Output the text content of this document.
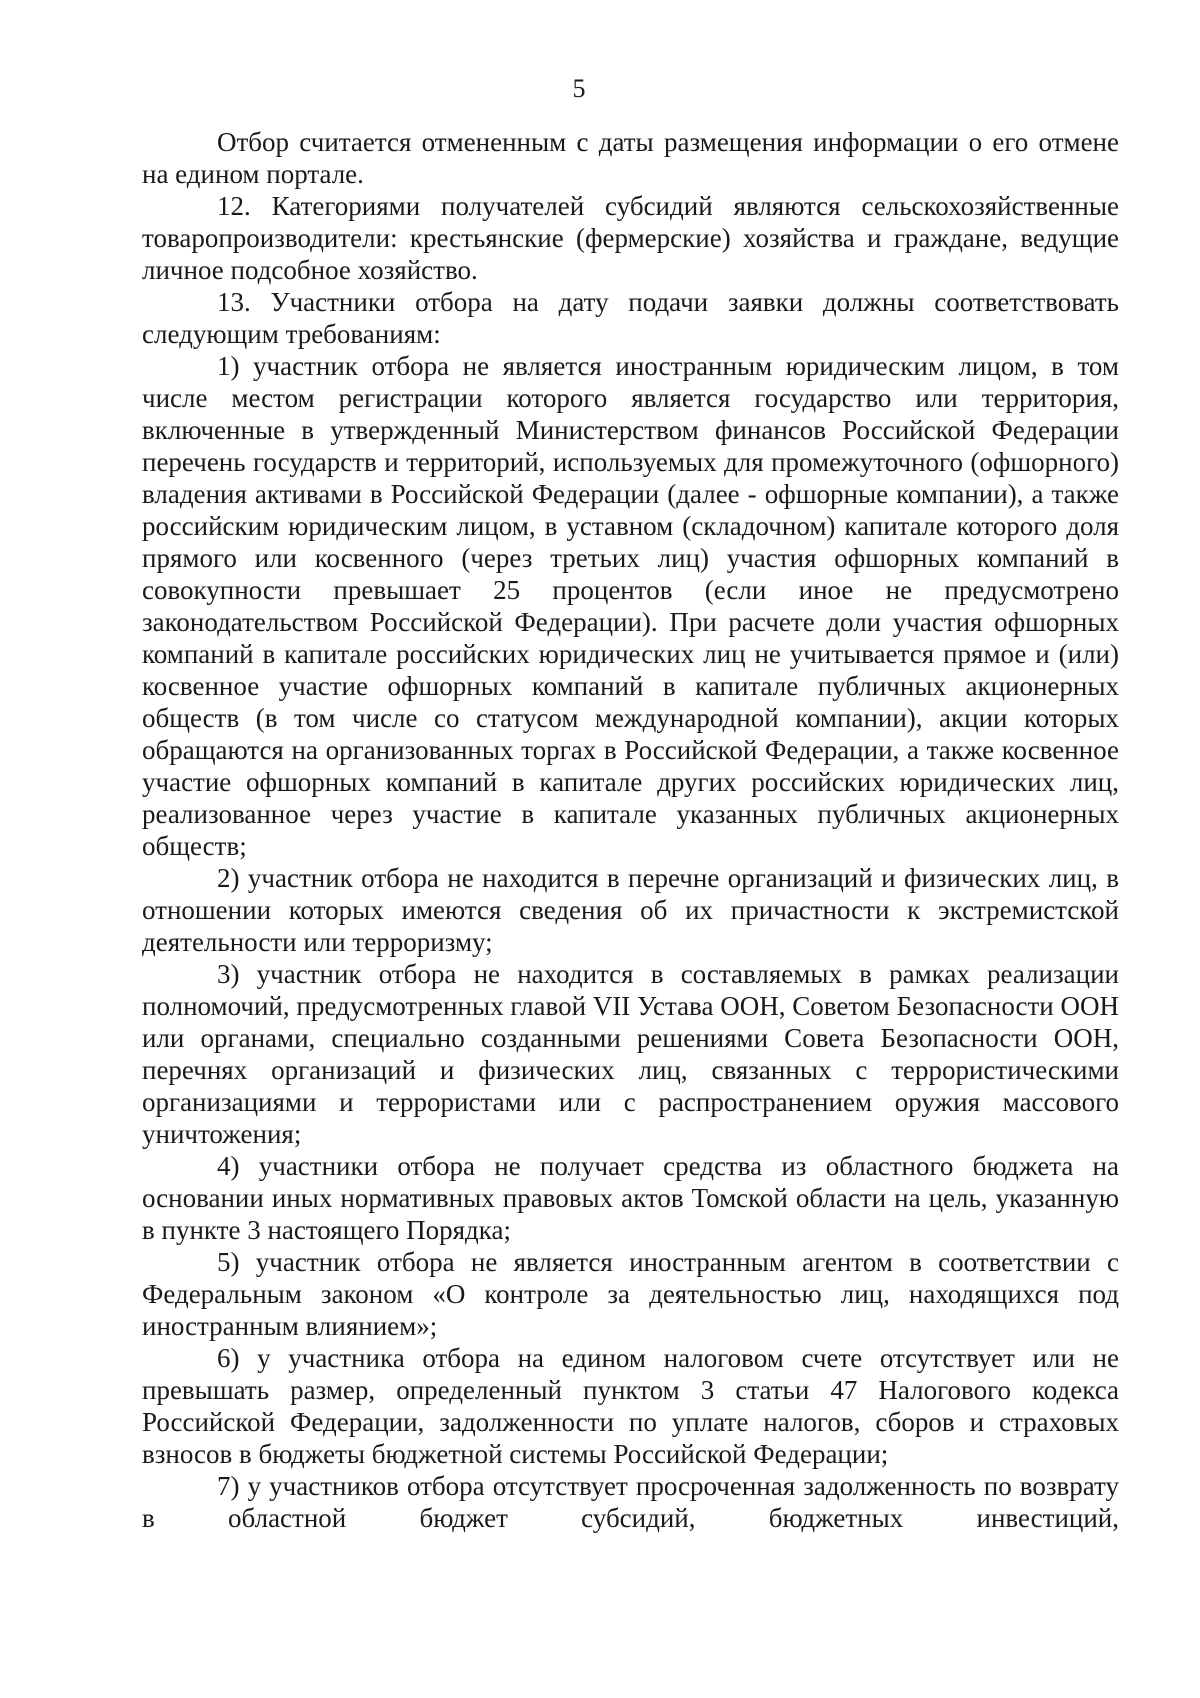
5

Отбор считается отмененным с даты размещения информации о его отмене на едином портале.

12. Категориями получателей субсидий являются сельскохозяйственные товаропроизводители: крестьянские (фермерские) хозяйства и граждане, ведущие личное подсобное хозяйство.

13. Участники отбора на дату подачи заявки должны соответствовать следующим требованиям:

1) участник отбора не является иностранным юридическим лицом, в том числе местом регистрации которого является государство или территория, включенные в утвержденный Министерством финансов Российской Федерации перечень государств и территорий, используемых для промежуточного (офшорного) владения активами в Российской Федерации (далее - офшорные компании), а также российским юридическим лицом, в уставном (складочном) капитале которого доля прямого или косвенного (через третьих лиц) участия офшорных компаний в совокупности превышает 25 процентов (если иное не предусмотрено законодательством Российской Федерации). При расчете доли участия офшорных компаний в капитале российских юридических лиц не учитывается прямое и (или) косвенное участие офшорных компаний в капитале публичных акционерных обществ (в том числе со статусом международной компании), акции которых обращаются на организованных торгах в Российской Федерации, а также косвенное участие офшорных компаний в капитале других российских юридических лиц, реализованное через участие в капитале указанных публичных акционерных обществ;

2) участник отбора не находится в перечне организаций и физических лиц, в отношении которых имеются сведения об их причастности к экстремистской деятельности или терроризму;

3) участник отбора не находится в составляемых в рамках реализации полномочий, предусмотренных главой VII Устава ООН, Советом Безопасности ООН или органами, специально созданными решениями Совета Безопасности ООН, перечнях организаций и физических лиц, связанных с террористическими организациями и террористами или с распространением оружия массового уничтожения;

4) участники отбора не получает средства из областного бюджета на основании иных нормативных правовых актов Томской области на цель, указанную в пункте 3 настоящего Порядка;

5) участник отбора не является иностранным агентом в соответствии с Федеральным законом «О контроле за деятельностью лиц, находящихся под иностранным влиянием»;

6) у участника отбора на едином налоговом счете отсутствует или не превышать размер, определенный пунктом 3 статьи 47 Налогового кодекса Российской Федерации, задолженности по уплате налогов, сборов и страховых взносов в бюджеты бюджетной системы Российской Федерации;

7) у участников отбора отсутствует просроченная задолженность по возврату в областной бюджет субсидий, бюджетных инвестиций,
